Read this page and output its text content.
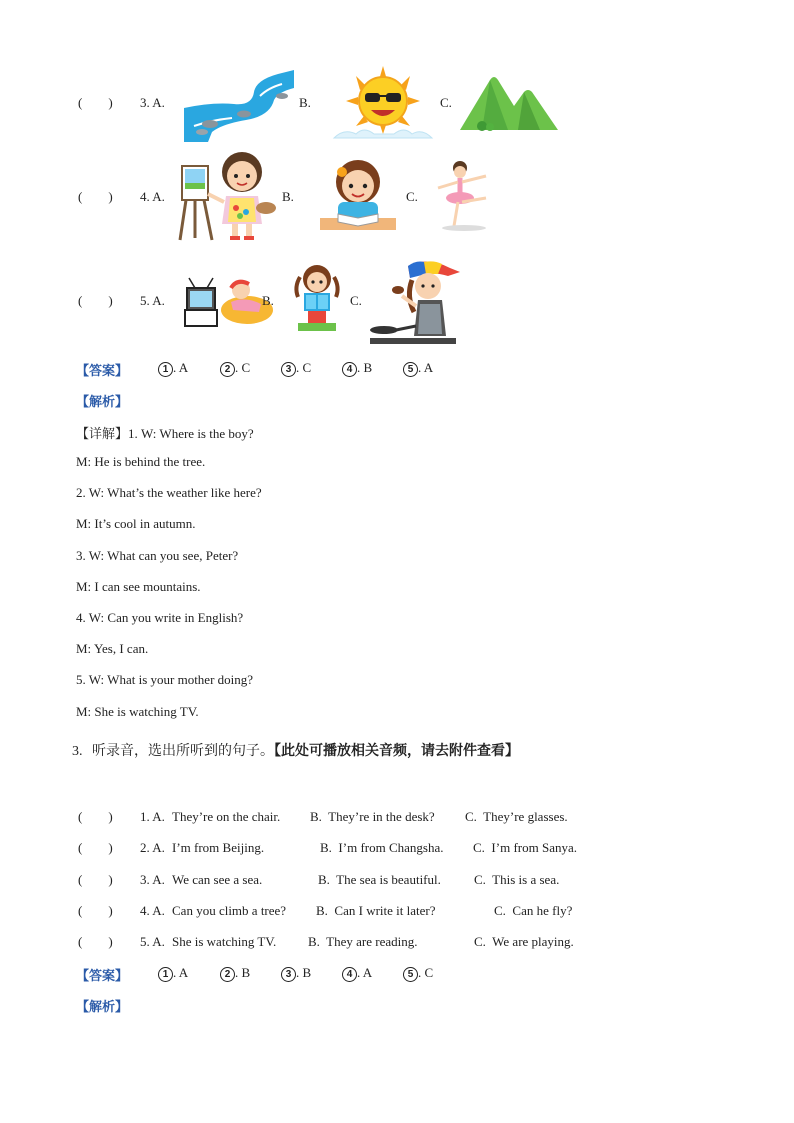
(        ) 3. A.	B.	C.
(        ) 4. A.	B.	C.
(        ) 5. A.	B.	C.
【答案】	1 . A	2 . C	3 . C	4 . B	5 . A
【解析】
【详解】1. W: Where is the boy?
M: He is behind the tree.
2. W: What’s the weather like here?
M: It’s cool in autumn.
3. W: What can you see, Peter?
M: I can see mountains.
4. W: Can you write in English?
M: Yes, I can.
5. W: What is your mother doing?
M: She is watching TV.
3. 听录音，选出所听到的句子。【此处可播放相关音频，请去附件查看】
(        ) 1. A. They’re on the chair. B.  They’re in the desk? C.  They’re glasses.
(        ) 2. A. I’m from Beijing.	B.  I’m from Changsha. C.  I’m from Sanya.
(        ) 3. A. We can see a sea.	B.  The sea is beautiful.	C.  This is a sea.
(        ) 4. A. Can you climb a tree? B.  Can I write it later?	C.  Can he fly?
(        ) 5. A. She is watching TV. B.  They are reading.	C.  We are playing.
【答案】	1 . A	2 . B	3 . B	4 . A	5 . C
【解析】
